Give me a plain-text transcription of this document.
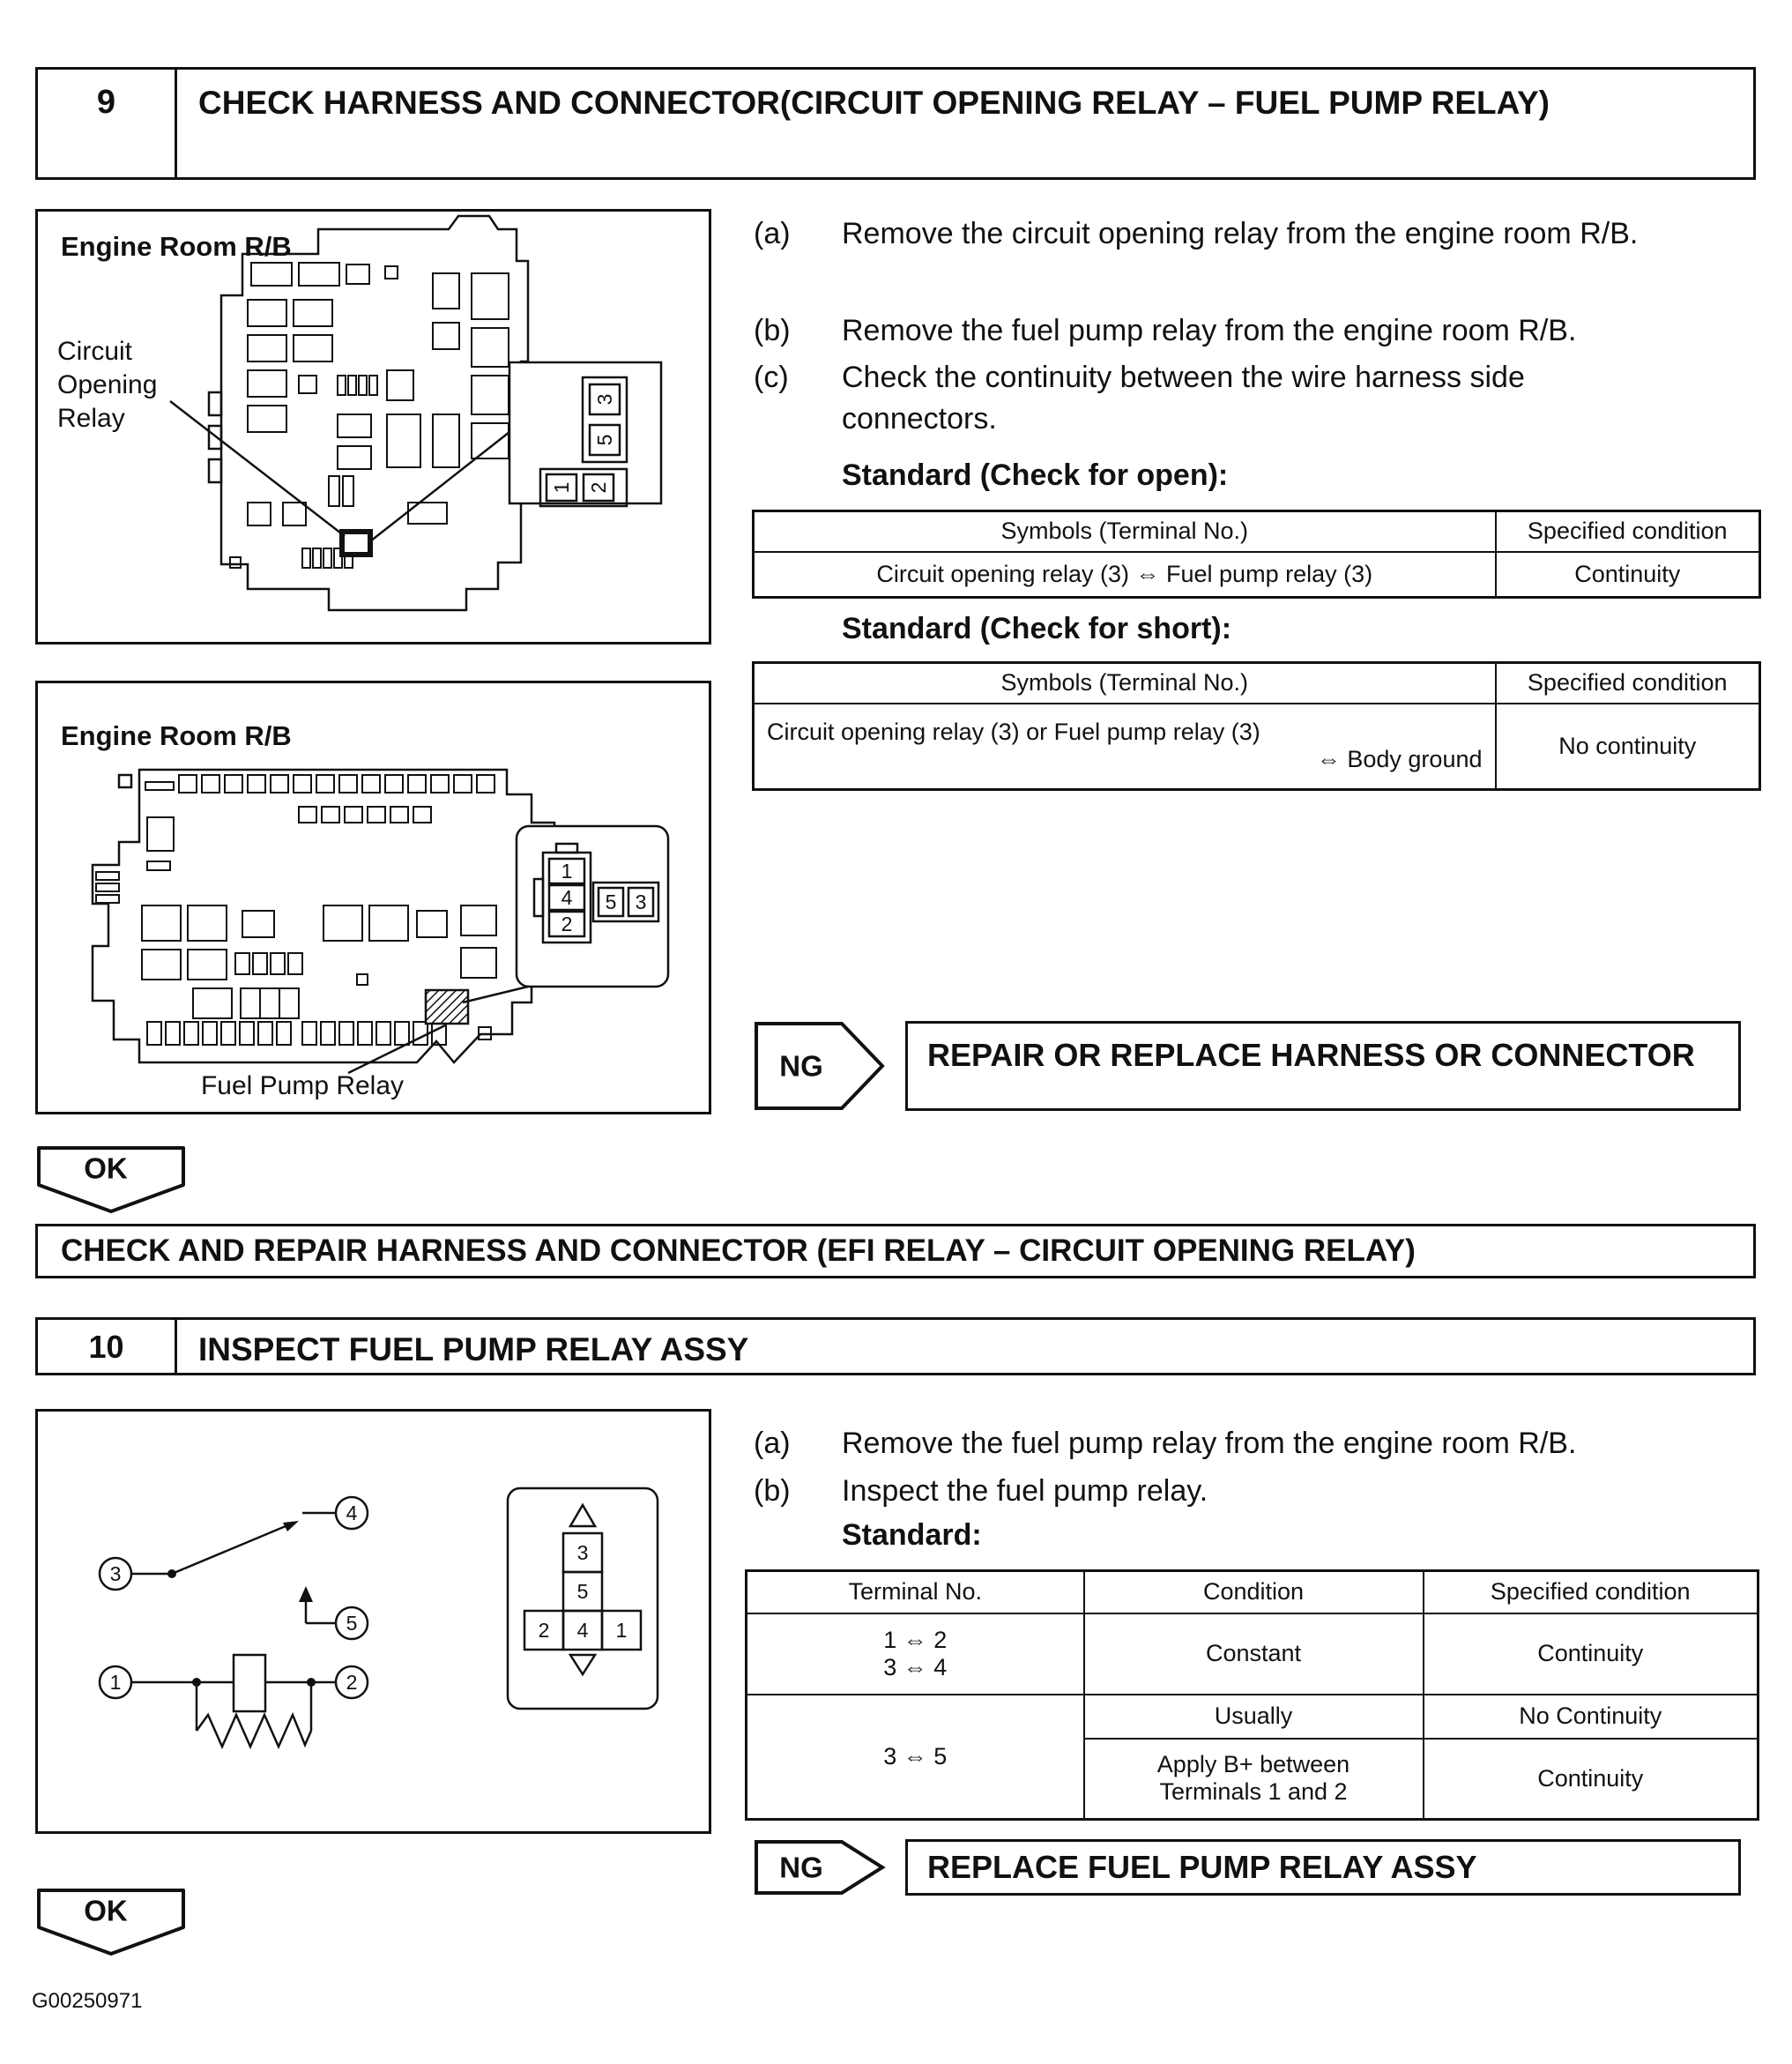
9	CHECK HARNESS AND CONNECTOR(CIRCUIT OPENING RELAY – FUEL PUMP RELAY)
Engine Room R/B
3
5
1 2
Circuit
Opening
Relay
Engine Room R/B
1
4
2
5 3
Fuel Pump Relay
(a)	Remove the circuit opening relay from the engine room R/B.
(b)	Remove the fuel pump relay from the engine room R/B.
(c)	Check the continuity between the wire harness side connectors.
Standard (Check for open):
Symbols (Terminal No.)	Specified condition
Circuit opening relay (3) ⇔ Fuel pump relay (3)	Continuity
Standard (Check for short):
Symbols (Terminal No.)	Specified condition

Circuit opening relay (3) or Fuel pump relay (3)
⇔ Body ground	No continuity
NG	REPAIR OR REPLACE HARNESS OR CONNECTOR
OK
CHECK AND REPAIR HARNESS AND CONNECTOR (EFI RELAY – CIRCUIT OPENING RELAY)
10	INSPECT FUEL PUMP RELAY ASSY
3
4
5
1	2
3
5
2 4 1
(a)	Remove the fuel pump relay from the engine room R/B.
(b)	Inspect the fuel pump relay.
Standard:
Terminal No.	Condition	Specified condition

1 ⇔ 2
3 ⇔ 4	Constant	Continuity
3 ⇔ 5	Usually	No Continuity

	Apply B+ between
Terminals 1 and 2	Continuity
NG	REPLACE FUEL PUMP RELAY ASSY
OK
G00250971
